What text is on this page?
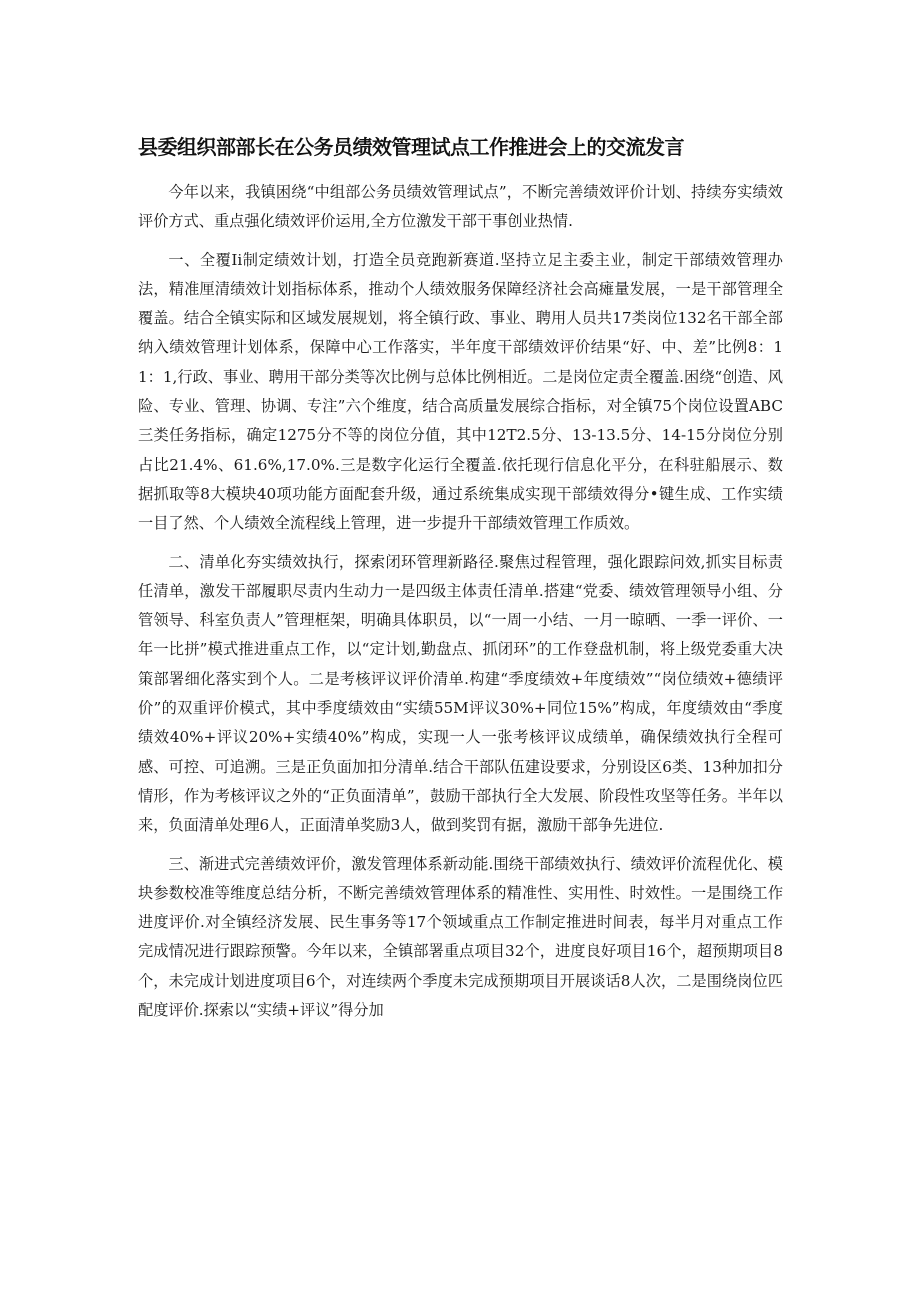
县委组织部部长在公务员绩效管理试点工作推进会上的交流发言

今年以来，我镇困绕“中组部公务员绩效管理试点”，不断完善绩效评价计划、持续夯实绩效评价方式、重点强化绩效评价运用,全方位激发干部干事创业热情.

一、全覆Ii制定绩效计划，打造全员竞跑新赛道.坚持立足主委主业，制定干部绩效管理办法，精准厘清绩效计划指标体系，推动个人绩效服务保障经济社会高瘫量发展，一是干部管理全覆盖。结合全镇实际和区域发展规划，将全镇行政、事业、聘用人员共17类岗位132名干部全部纳入绩效管理计划体系，保障中心工作落实，半年度干部绩效评价结果“好、中、差”比例8：11：1,行政、事业、聘用干部分类等次比例与总体比例相近。二是岗位定责全覆盖.困绕“创造、风险、专业、管理、协调、专注”六个维度，结合高质量发展综合指标，对全镇75个岗位设置ABC三类任务指标，确定1275分不等的岗位分值，其中12T2.5分、13-13.5分、14-15分岗位分别占比21.4%、61.6%,17.0%.三是数字化运行全覆盖.依托现行信息化平分，在科驻船展示、数据抓取等8大模块40项功能方面配套升级，通过系统集成实现干部绩效得分•键生成、工作实绩一目了然、个人绩效全流程线上管理，进一步提升干部绩效管理工作质效。

二、清单化夯实绩效执行，探索闭环管理新路径.聚焦过程管理，强化跟踪问效,抓实目标责任清单，激发干部履职尽责内生动力一是四级主体责任清单.搭建“党委、绩效管理领导小组、分管领导、科室负责人”管理框架，明确具体职员，以“一周一小结、一月一晾晒、一季一评价、一年一比拼”模式推进重点工作，以“定计划,勤盘点、抓闭环”的工作登盘机制，将上级党委重大决策部署细化落实到个人。二是考核评议评价清单.构建“季度绩效+年度绩效”“岗位绩效+德绩评价”的双重评价模式，其中季度绩效由“实绩55M评议30%+同位15%”构成，年度绩效由“季度绩效40%+评议20%+实绩40%”构成，实现一人一张考核评议成绩单，确保绩效执行全程可感、可控、可追溯。三是正负面加扣分清单.结合干部队伍建设要求，分别设区6类、13种加扣分情形，作为考核评议之外的“正负面清单”，鼓励干部执行全大发展、阶段性攻坚等任务。半年以来，负面清单处理6人，正面清单奖励3人，做到奖罚有据，激励干部争先进位.

三、渐进式完善绩效评价，激发管理体系新动能.围绕干部绩效执行、绩效评价流程优化、模块参数校准等维度总结分析，不断完善绩效管理体系的精准性、实用性、时效性。一是围绕工作进度评价.对全镇经济发展、民生事务等17个领域重点工作制定推进时间表，每半月对重点工作完成情况进行跟踪预警。今年以来，全镇部署重点项目32个，进度良好项目16个，超预期项目8个，未完成计划进度项目6个，对连续两个季度未完成预期项目开展谈话8人次，二是围绕岗位匹配度评价.探索以“实绩+评议”得分加
